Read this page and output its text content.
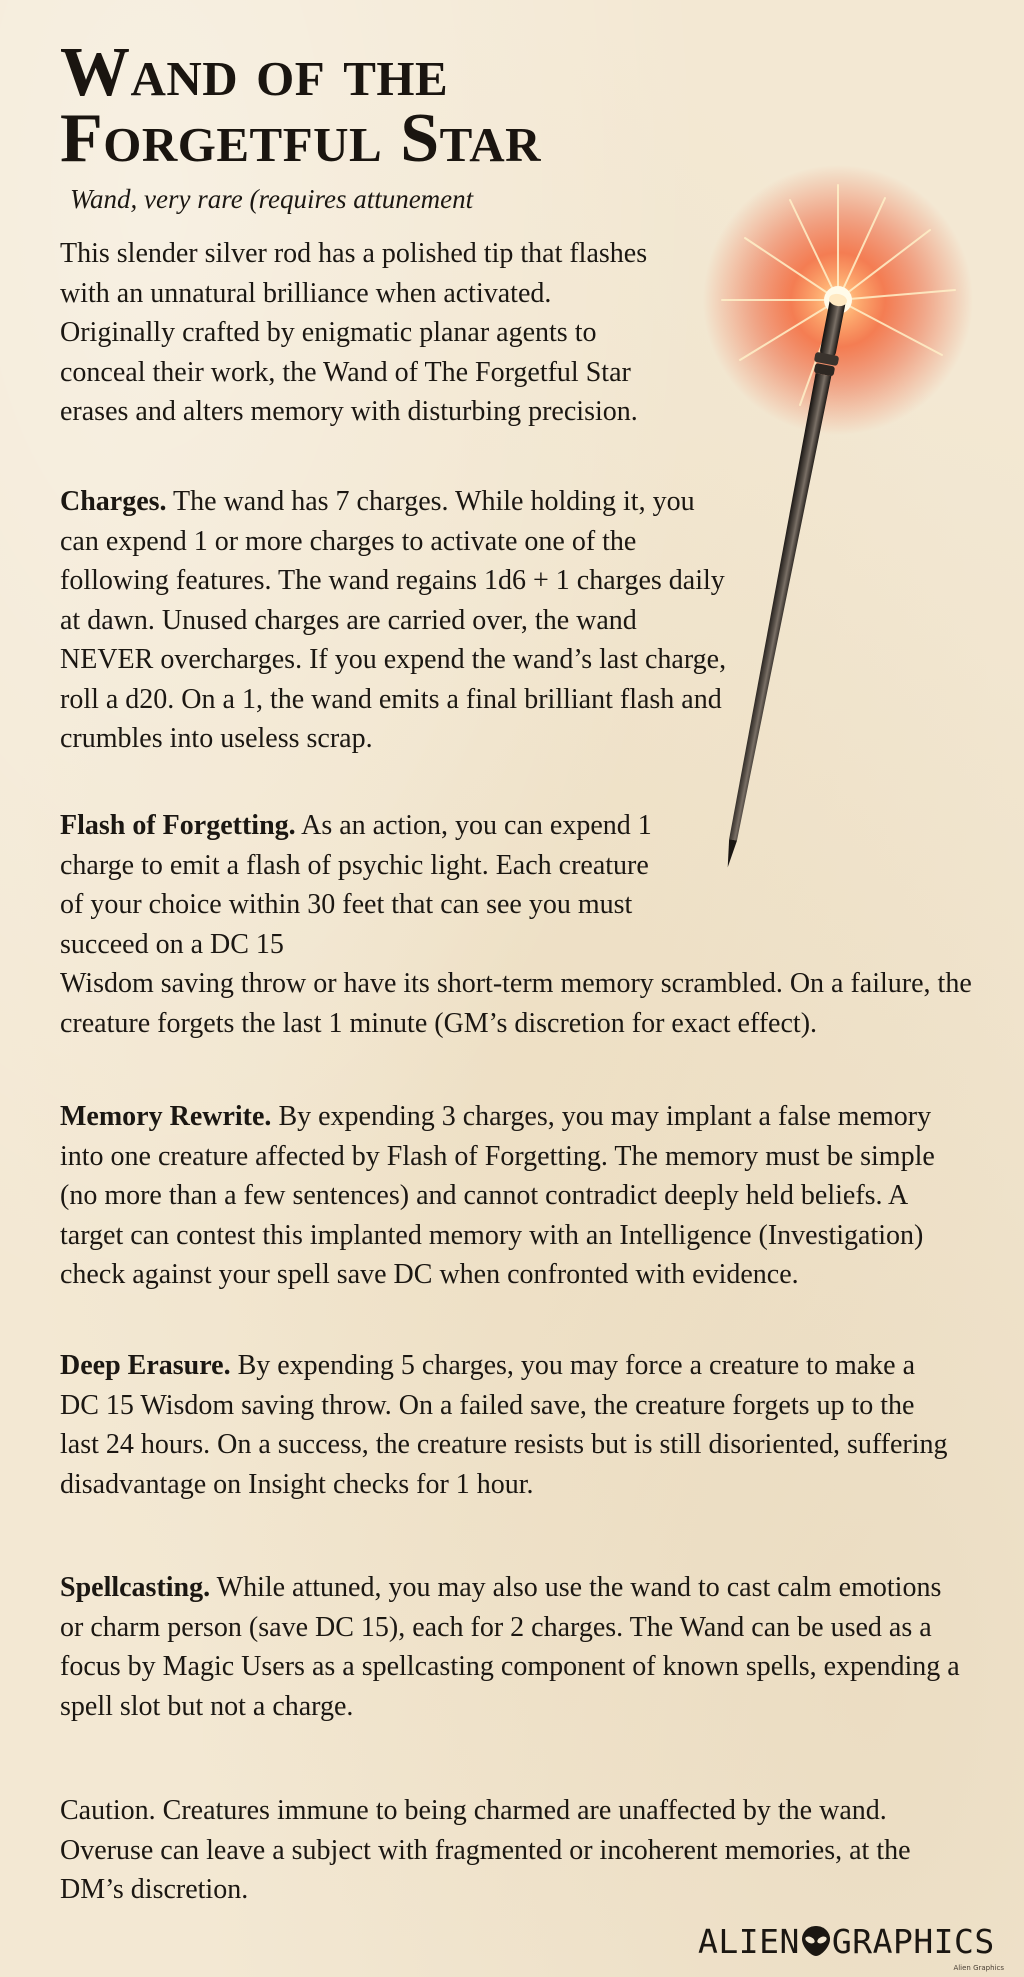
Wand of the
Forgetful Star
Wand, very rare (requires attunement

This slender silver rod has a polished tip that flashes with an unnatural brilliance when activated. Originally crafted by enigmatic planar agents to conceal their work, the Wand of The Forgetful Star erases and alters memory with disturbing precision.

Charges. The wand has 7 charges. While holding it, you can expend 1 or more charges to activate one of the following features. The wand regains 1d6 + 1 charges daily at dawn. Unused charges are carried over, the wand NEVER overcharges. If you expend the wand’s last charge, roll a d20. On a 1, the wand emits a final brilliant flash and crumbles into useless scrap.

Flash of Forgetting. As an action, you can expend 1 charge to emit a flash of psychic light. Each creature of your choice within 30 feet that can see you must succeed on a DC 15

Wisdom saving throw or have its short-term memory scrambled. On a failure, the creature forgets the last 1 minute (GM’s discretion for exact effect).

Memory Rewrite. By expending 3 charges, you may implant a false memory into one creature affected by Flash of Forgetting. The memory must be simple (no more than a few sentences) and cannot contradict deeply held beliefs. A target can contest this implanted memory with an Intelligence (Investigation) check against your spell save DC when confronted with evidence.

Deep Erasure. By expending 5 charges, you may force a creature to make a DC 15 Wisdom saving throw. On a failed save, the creature forgets up to the last 24 hours. On a success, the creature resists but is still disoriented, suffering disadvantage on Insight checks for 1 hour.

Spellcasting. While attuned, you may also use the wand to cast calm emotions or charm person (save DC 15), each for 2 charges. The Wand can be used as a focus by Magic Users as a spellcasting component of known spells, expending a spell slot but not a charge.

Caution. Creatures immune to being charmed are unaffected by the wand. Overuse can leave a subject with fragmented or incoherent memories, at the DM’s discretion.

ALIEN GRAPHICS
Alien Graphics
